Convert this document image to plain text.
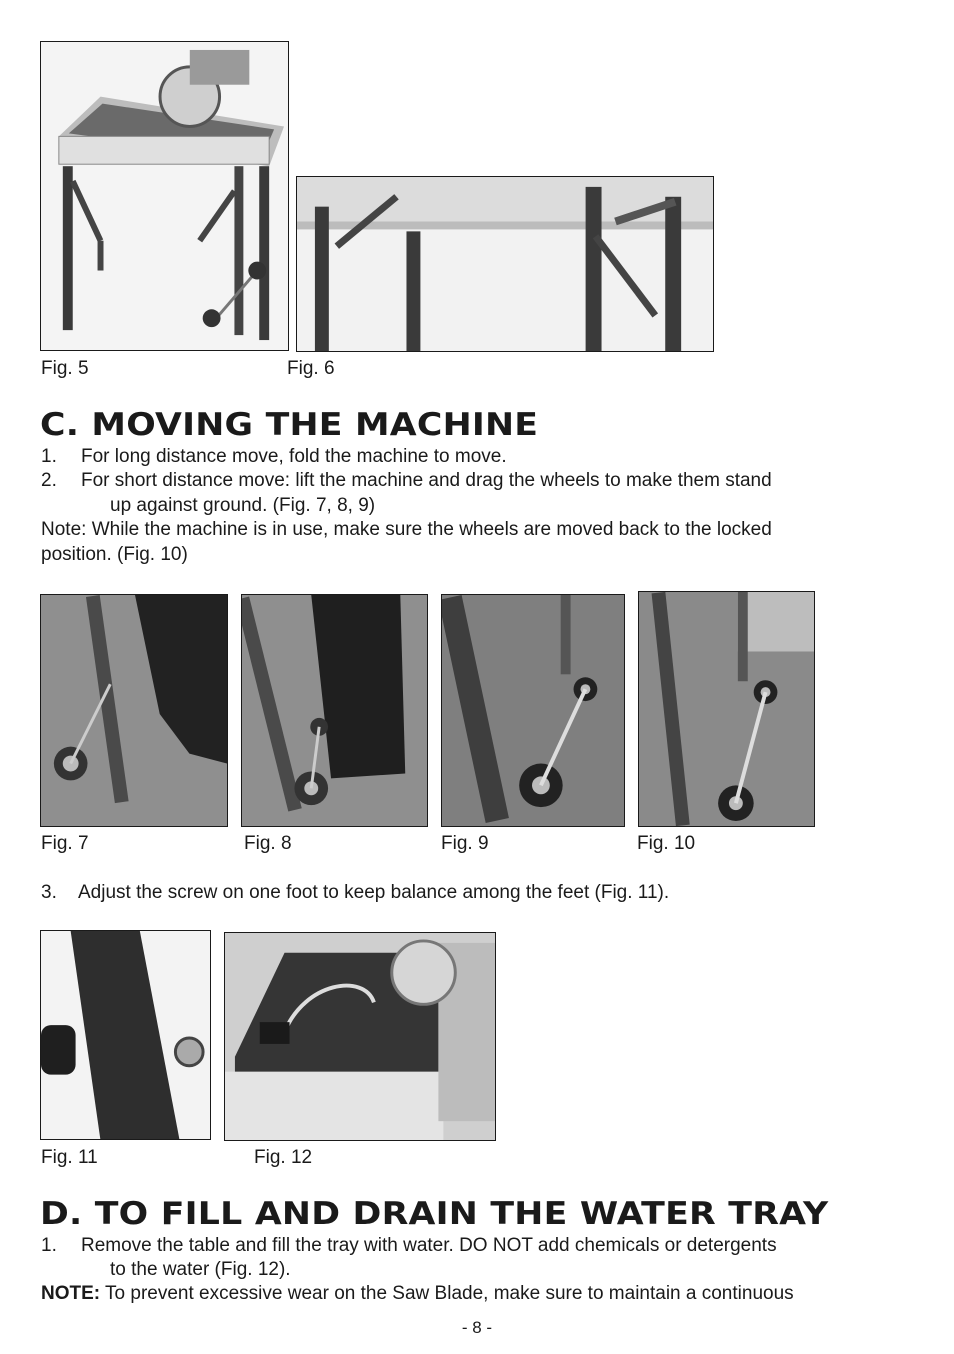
Fig. 5	Fig. 6
C. MOVING THE MACHINE
1. For long distance move, fold the machine to move.
2. For short distance move: lift the machine and drag the wheels to make them stand
up against ground. (Fig. 7, 8, 9)
Note: While the machine is in use, make sure the wheels are moved back to the locked
position. (Fig. 10)
Fig. 7	Fig. 8	Fig. 9	Fig. 10
3. Adjust the screw on one foot to keep balance among the feet (Fig. 11).
Fig. 11	Fig. 12
D. TO FILL AND DRAIN THE WATER TRAY
1. Remove the table and fill the tray with water. DO NOT add chemicals or detergents
to the water (Fig. 12).
NOTE: To prevent excessive wear on the Saw Blade, make sure to maintain a continuous
- 8 -
